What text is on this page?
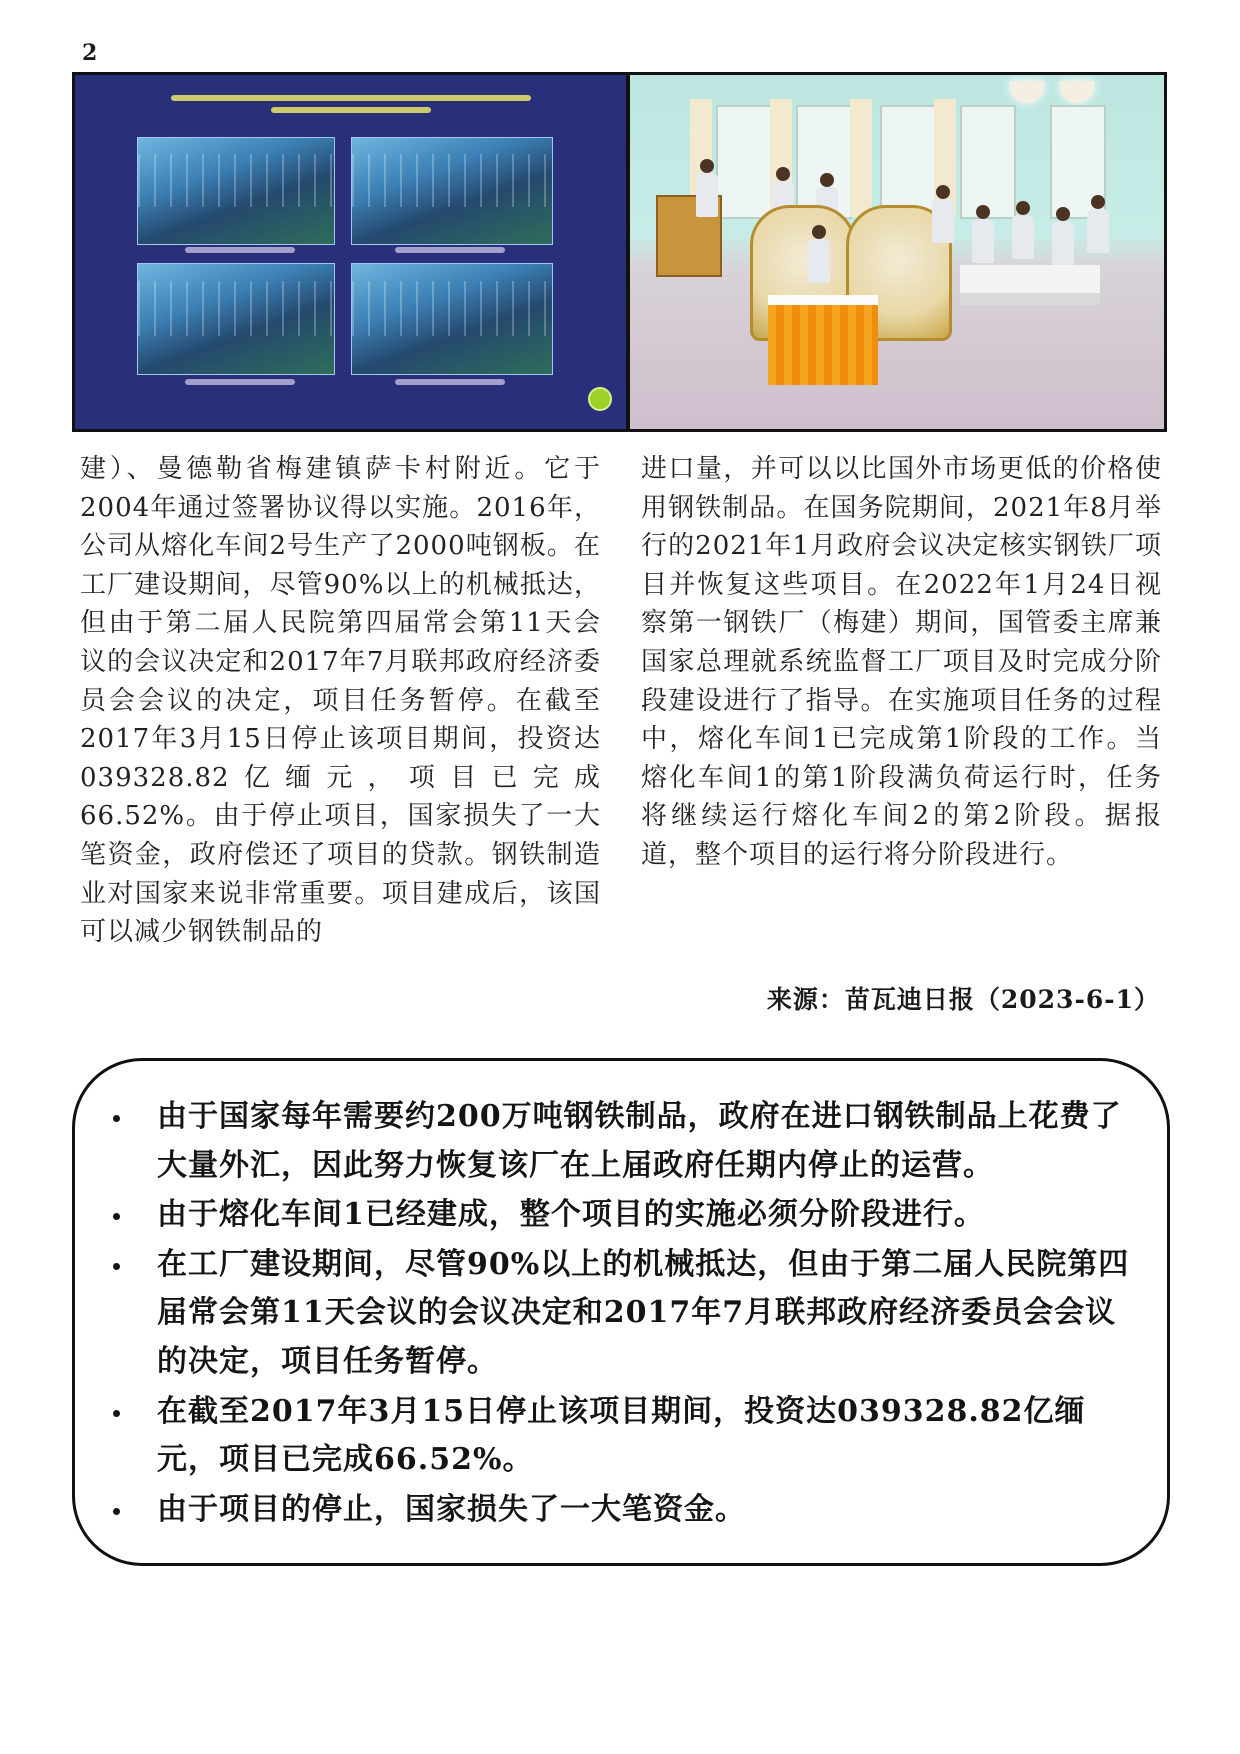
2
建）、曼德勒省梅建镇萨卡村附近。它于2004年通过签署协议得以实施。2016年，公司从熔化车间2号生产了2000吨钢板。在工厂建设期间，尽管90%以上的机械抵达，但由于第二届人民院第四届常会第11天会议的会议决定和2017年7月联邦政府经济委员会会议的决定，项目任务暂停。在截至2017年3月15日停止该项目期间，投资达039328.82亿缅元，项目已完成66.52%。由于停止项目，国家损失了一大笔资金，政府偿还了项目的贷款。钢铁制造业对国家来说非常重要。项目建成后，该国可以减少钢铁制品的
进口量，并可以以比国外市场更低的价格使用钢铁制品。在国务院期间，2021年8月举行的2021年1月政府会议决定核实钢铁厂项目并恢复这些项目。在2022年1月24日视察第一钢铁厂（梅建）期间，国管委主席兼国家总理就系统监督工厂项目及时完成分阶段建设进行了指导。在实施项目任务的过程中，熔化车间1已完成第1阶段的工作。当熔化车间1的第1阶段满负荷运行时，任务将继续运行熔化车间2的第2阶段。据报道，整个项目的运行将分阶段进行。
来源：苗瓦迪日报（2023-6-1）
由于国家每年需要约200万吨钢铁制品，政府在进口钢铁制品上花费了大量外汇，因此努力恢复该厂在上届政府任期内停止的运营。
由于熔化车间1已经建成，整个项目的实施必须分阶段进行。
在工厂建设期间，尽管90%以上的机械抵达，但由于第二届人民院第四届常会第11天会议的会议决定和2017年7月联邦政府经济委员会会议的决定，项目任务暂停。
在截至2017年3月15日停止该项目期间，投资达039328.82亿缅元，项目已完成66.52%。
由于项目的停止，国家损失了一大笔资金。
